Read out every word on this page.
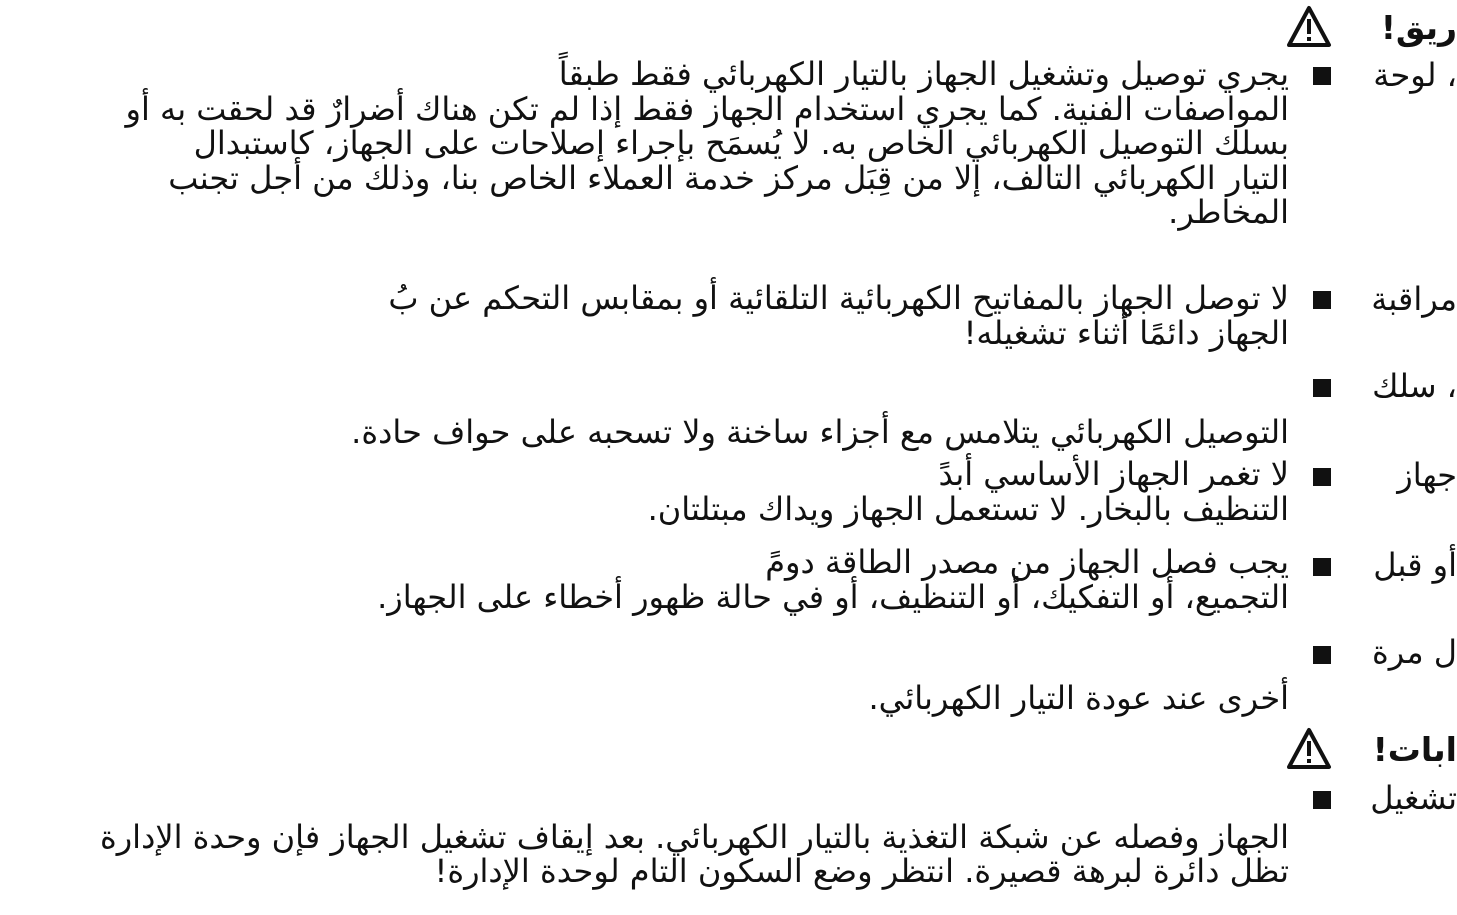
ريق!
، لوحة
يجري توصيل وتشغيل الجهاز بالتيار الكهربائي فقط طبقاً
المواصفات الفنية. كما يجري استخدام الجهاز فقط إذا لم تكن هناك أضرارٌ قد لحقت به أو
بسلك التوصيل الكهربائي الخاص به. لا يُسمَح بإجراء إصلاحات على الجهاز، كاستبدال
التيار الكهربائي التالف، إلا من قِبَل مركز خدمة العملاء الخاص بنا، وذلك من أجل تجنب
المخاطر.
مراقبة
لا توصل الجهاز بالمفاتيح الكهربائية التلقائية أو بمقابس التحكم عن بُ
الجهاز دائمًا أثناء تشغيله!
، سلك

التوصيل الكهربائي يتلامس مع أجزاء ساخنة ولا تسحبه على حواف حادة.
جهاز
لا تغمر الجهاز الأساسي أبدً
التنظيف بالبخار. لا تستعمل الجهاز ويداك مبتلتان.
أو قبل
يجب فصل الجهاز من مصدر الطاقة دومً
التجميع، أو التفكيك، أو التنظيف، أو في حالة ظهور أخطاء على الجهاز.
ل مرة

أخرى عند عودة التيار الكهربائي.
ابات!
تشغيل

الجهاز وفصله عن شبكة التغذية بالتيار الكهربائي. بعد إيقاف تشغيل الجهاز فإن وحدة الإدارة
تظل دائرة لبرهة قصيرة. انتظر وضع السكون التام لوحدة الإدارة!
